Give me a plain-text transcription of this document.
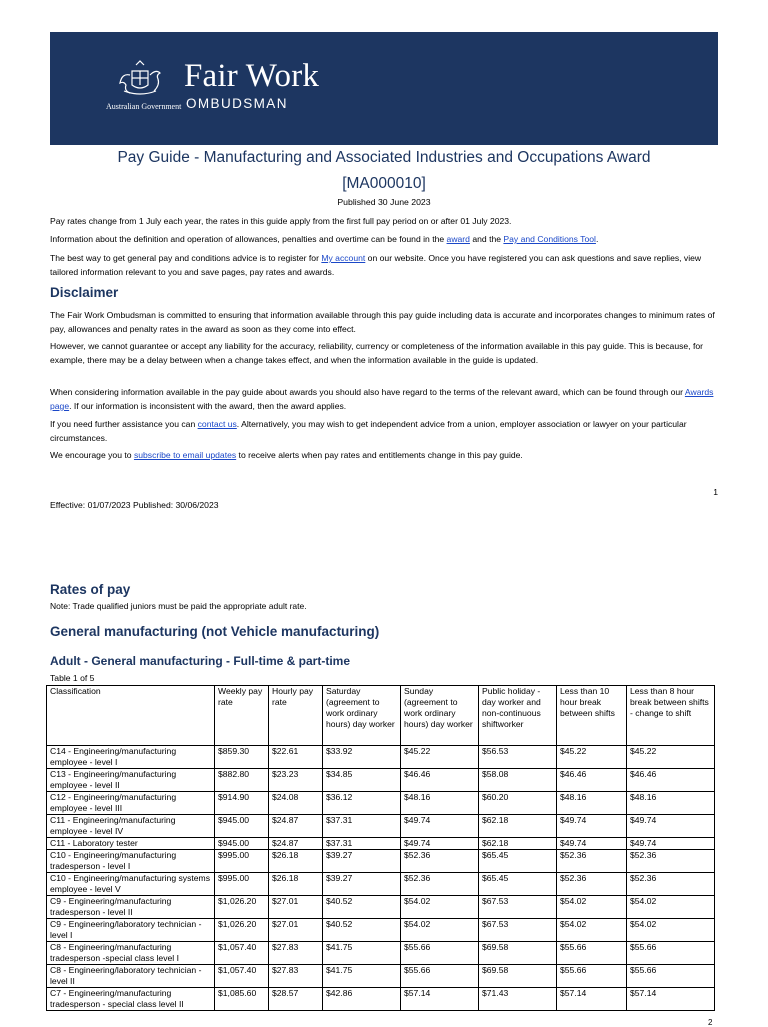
Australian Government
Fair Work
OMBUDSMAN
Pay Guide - Manufacturing and Associated Industries and Occupations Award
[MA000010]
Published 30 June 2023
Pay rates change from 1 July each year, the rates in this guide apply from the first full pay period on or after 01 July 2023.
Information about the definition and operation of allowances, penalties and overtime can be found in the award and the Pay and Conditions Tool.
The best way to get general pay and conditions advice is to register for My account on our website. Once you have registered you can ask questions and save replies, view tailored information relevant to you and save pages, pay rates and awards.
Disclaimer
The Fair Work Ombudsman is committed to ensuring that information available through this pay guide including data is accurate and incorporates changes to minimum rates of pay, allowances and penalty rates in the award as soon as they come into effect.
However, we cannot guarantee or accept any liability for the accuracy, reliability, currency or completeness of the information available in this pay guide. This is because, for example, there may be a delay between when a change takes effect, and when the information available in the guide is updated.
When considering information available in the pay guide about awards you should also have regard to the terms of the relevant award, which can be found through our Awards page. If our information is inconsistent with the award, then the award applies.
If you need further assistance you can contact us. Alternatively, you may wish to get independent advice from a union, employer association or lawyer on your particular circumstances.
We encourage you to subscribe to email updates to receive alerts when pay rates and entitlements change in this pay guide.
1
Effective: 01/07/2023 Published: 30/06/2023
Rates of pay
Note: Trade qualified juniors must be paid the appropriate adult rate.
General manufacturing (not Vehicle manufacturing)
Adult - General manufacturing - Full-time & part-time
Table 1 of 5
Classification	Weekly pay rate	Hourly pay rate	Saturday (agreement to work ordinary hours) day worker	Sunday (agreement to work ordinary hours) day worker	Public holiday - day worker and non-continuous shiftworker	Less than 10 hour break between shifts	Less than 8 hour break between shifts - change to shift
C14 - Engineering/manufacturing employee - level I	$859.30	$22.61	$33.92	$45.22	$56.53	$45.22	$45.22
C13 - Engineering/manufacturing employee - level II	$882.80	$23.23	$34.85	$46.46	$58.08	$46.46	$46.46
C12 - Engineering/manufacturing employee - level III	$914.90	$24.08	$36.12	$48.16	$60.20	$48.16	$48.16
C11 - Engineering/manufacturing employee - level IV	$945.00	$24.87	$37.31	$49.74	$62.18	$49.74	$49.74
C11 - Laboratory tester	$945.00	$24.87	$37.31	$49.74	$62.18	$49.74	$49.74
C10 - Engineering/manufacturing tradesperson - level I	$995.00	$26.18	$39.27	$52.36	$65.45	$52.36	$52.36
C10 - Engineering/manufacturing systems employee - level V	$995.00	$26.18	$39.27	$52.36	$65.45	$52.36	$52.36
C9 - Engineering/manufacturing tradesperson - level II	$1,026.20	$27.01	$40.52	$54.02	$67.53	$54.02	$54.02
C9 - Engineering/laboratory technician - level I	$1,026.20	$27.01	$40.52	$54.02	$67.53	$54.02	$54.02
C8 - Engineering/manufacturing tradesperson -special class level I	$1,057.40	$27.83	$41.75	$55.66	$69.58	$55.66	$55.66
C8 - Engineering/laboratory technician - level II	$1,057.40	$27.83	$41.75	$55.66	$69.58	$55.66	$55.66
C7 - Engineering/manufacturing tradesperson - special class level II	$1,085.60	$28.57	$42.86	$57.14	$71.43	$57.14	$57.14
2
